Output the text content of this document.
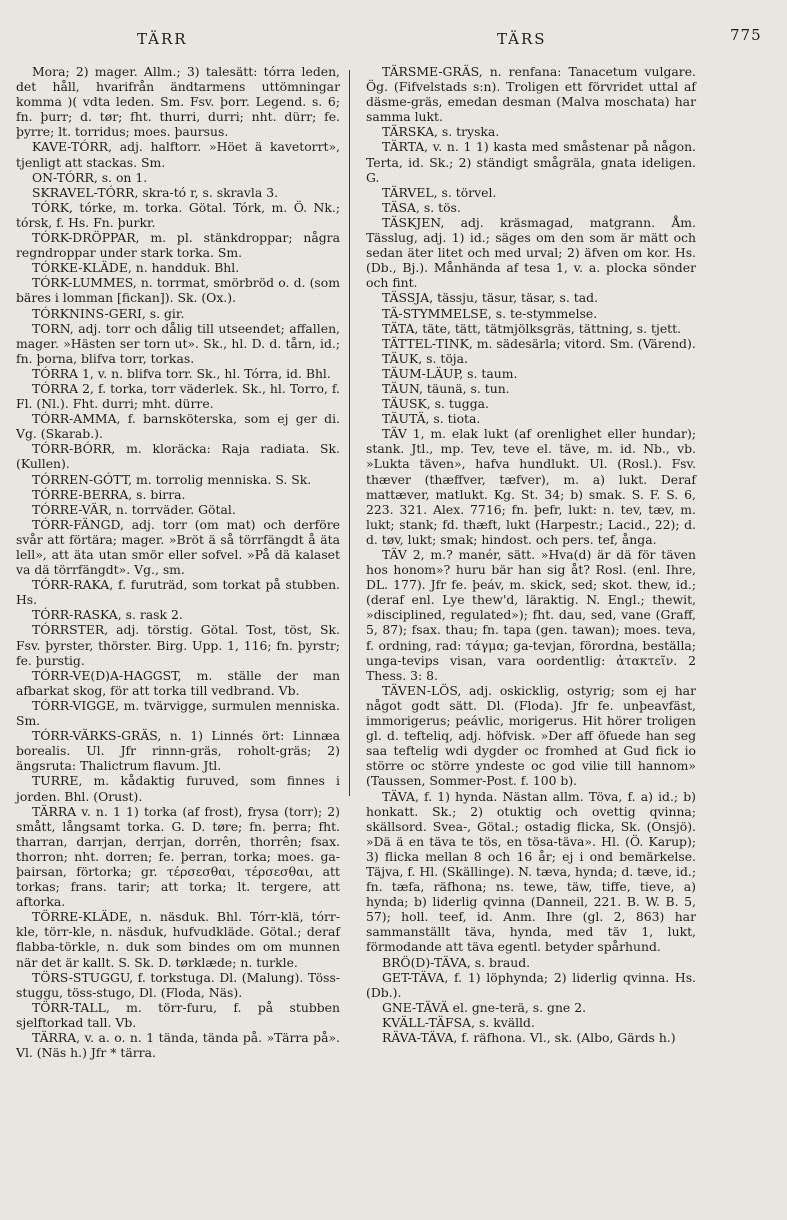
TÄRR	TÄRS	775

Mora; 2) mager. Allm.; 3) talesätt: tórra leden, det håll, hvarifrån ändtarmens uttömningar komma )( vdta leden. Sm. Fsv. þorr. Legend. s. 6; fn. þurr; d. tør; fht. thurri, durri; nht. dürr; fe. þyrre; lt. torridus; moes. þaursus.

KAVE-TÓRR, adj. halftorr. »Höet ä kavetorrt», tjenligt att stackas. Sm.

ON-TÓRR, s. on 1.

SKRAVEL-TÓRR, skra-tó r, s. skravla 3.

TÓRK, tórke, m. torka. Götal. Tórk, m. Ö. Nk.; tórsk, f. Hs. Fn. þurkr.

TÓRK-DRÖPPAR, m. pl. stänkdroppar; några regndroppar under stark torka. Sm.

TÓRKE-KLÄDE, n. handduk. Bhl.

TÓRK-LUMMES, n. torrmat, smörbröd o. d. (som bäres i lomman [fickan]). Sk. (Ox.).

TÓRKNINS-GERI, s. gir.

TORN, adj. torr och dålig till utseendet; affallen, mager. »Hästen ser torn ut». Sk., hl. D. d. tårn, id.; fn. þorna, blifva torr, torkas.

TÓRRA 1, v. n. blifva torr. Sk., hl. Tórra, id. Bhl.

TÓRRA 2, f. torka, torr väderlek. Sk., hl. Torro, f. Fl. (Nl.). Fht. durri; mht. dürre.

TÓRR-AMMA, f. barnsköterska, som ej ger di. Vg. (Skarab.).

TÓRR-BÓRR, m. kloräcka: Raja radiata. Sk. (Kullen).

TÓRREN-GÓTT, m. torrolig menniska. S. Sk.

TÓRRE-BERRA, s. birra.

TÓRRE-VÄR, n. torrväder. Götal.

TÓRR-FÄNGD, adj. torr (om mat) och derföre svår att förtära; mager. »Bröt ä så törrfängdt å äta lell», att äta utan smör eller sofvel. »På dä kalaset va dä törrfängdt». Vg., sm.

TÓRR-RAKA, f. furuträd, som torkat på stubben. Hs.

TÓRR-RASKA, s. rask 2.

TÓRRSTER, adj. törstig. Götal. Tost, töst, Sk. Fsv. þyrster, thörster. Birg. Upp. 1, 116; fn. þyrstr; fe. þurstig.

TÓRR-VE(D)A-HAGGST, m. ställe der man afbarkat skog, för att torka till vedbrand. Vb.

TÓRR-VIGGE, m. tvärvigge, surmulen menniska. Sm.

TÓRR-VÄRKS-GRÄS, n. 1) Linnés ört: Linnæa borealis. Ul. Jfr rinnn-gräs, roholt-gräs; 2) ängsruta: Thalictrum flavum. Jtl.

TURRE, m. kådaktig furuved, som finnes i jorden. Bhl. (Orust).

TÄRRA v. n. 1 1) torka (af frost), frysa (torr); 2) smått, långsamt torka. G. D. tøre; fn. þerra; fht. tharran, darrjan, derrjan, dorrên, thorrên; fsax. thorron; nht. dorren; fe. þerran, torka; moes. ga-þairsan, förtorka; gr. τέρσεσθαι, τέρσεσθαι, att torkas; frans. tarir; att torka; lt. tergere, att aftorka.

TÖRRE-KLÄDE, n. näsduk. Bhl. Tórr-klä, tórr-kle, törr-kle, n. näsduk, hufvudkläde. Götal.; deraf flabba-törkle, n. duk som bindes om om munnen när det är kallt. S. Sk. D. tørklæde; n. turkle.

TÖRS-STUGGU, f. torkstuga. Dl. (Malung). Töss-stuggu, töss-stugo, Dl. (Floda, Näs).

TÖRR-TALL, m. törr-furu, f. på stubben sjelftorkad tall. Vb.

TÄRRA, v. a. o. n. 1 tända, tända på. »Tärra på». Vl. (Näs h.) Jfr * tärra.

TÄRSME-GRÄS, n. renfana: Tanacetum vulgare. Ög. (Fifvelstads s:n). Troligen ett förvridet uttal af däsme-gräs, emedan desman (Malva moschata) har samma lukt.

TÄRSKA, s. tryska.

TÄRTA, v. n. 1 1) kasta med småstenar på någon. Terta, id. Sk.; 2) ständigt smågräla, gnata ideligen. G.

TÄRVEL, s. törvel.

TÄSA, s. tös.

TÄSKJEN, adj. kräsmagad, matgrann. Åm. Tässlug, adj. 1) id.; säges om den som är mätt och sedan äter litet och med urval; 2) äfven om kor. Hs. (Db., Bj.). Månhända af tesa 1, v. a. plocka sönder och fint.

TÄSSJA, tässju, täsur, täsar, s. tad.

TÄ-STYMMELSE, s. te-stymmelse.

TÄTA, täte, tätt, tätmjölksgräs, tättning, s. tjett.

TÄTTEL-TINK, m. sädesärla; vitord. Sm. (Värend).

TÄUK, s. töja.

TÄUM-LÄUP, s. taum.

TÄUN, täunä, s. tun.

TÄUSK, s. tugga.

TÄUTÄ, s. tiota.

TÄV 1, m. elak lukt (af orenlighet eller hundar); stank. Jtl., mp. Tev, teve el. täve, m. id. Nb., vb. »Lukta täven», hafva hundlukt. Ul. (Rosl.). Fsv. thæver (thæffver, tæfver), m. a) lukt. Deraf mattæver, matlukt. Kg. St. 34; b) smak. S. F. S. 6, 223. 321. Alex. 7716; fn. þefr, lukt: n. tev, tæv, m. lukt; stank; fd. thæft, lukt (Harpestr.; Lacid., 22); d. d. tøv, lukt; smak; hindost. och pers. tef, ånga.

TÄV 2, m.? manér, sätt. »Hva(d) är dä för täven hos honom»? huru bär han sig åt? Rosl. (enl. Ihre, DL. 177). Jfr fe. þeáv, m. skick, sed; skot. thew, id.; (deraf enl. Lye thew'd, läraktig. N. Engl.; thewit, »disciplined, regulated»); fht. dau, sed, vane (Graff, 5, 87); fsax. thau; fn. tapa (gen. tawan); moes. teva, f. ordning, rad: τάγμα; ga-tevjan, förordna, beställa; unga-tevips visan, vara oordentlig: ἀτακτεῖν. 2 Thess. 3: 8.

TÄVEN-LÖS, adj. oskicklig, ostyrig; som ej har något godt sätt. Dl. (Floda). Jfr fe. unþeavfäst, immorigerus; peávlic, morigerus. Hit hörer troligen gl. d. tefteliq, adj. höfvisk. »Der aff öfuede han seg saa teftelig wdi dygder oc fromhed at Gud fick io större oc större yndeste oc god vilie till hannom» (Taussen, Sommer-Post. f. 100 b).

TÄVA, f. 1) hynda. Nästan allm. Töva, f. a) id.; b) honkatt. Sk.; 2) otuktig och ovettig qvinna; skällsord. Svea-, Götal.; ostadig flicka, Sk. (Onsjö). »Dä ä en täva te tös, en tösa-täva». Hl. (Ö. Karup); 3) flicka mellan 8 och 16 år; ej i ond bemärkelse. Täjva, f. Hl. (Skällinge). N. tæva, hynda; d. tæve, id.; fn. tæfa, räfhona; ns. tewe, täw, tiffe, tieve, a) hynda; b) liderlig qvinna (Danneil, 221. B. W. B. 5, 57); holl. teef, id. Anm. Ihre (gl. 2, 863) har sammanställt täva, hynda, med täv 1, lukt, förmodande att täva egentl. betyder spårhund.

BRÖ(D)-TÄVA, s. braud.

GET-TÄVA, f. 1) löphynda; 2) liderlig qvinna. Hs. (Db.).

GNE-TÄVÄ el. gne-terä, s. gne 2.

KVÄLL-TÄFSA, s. kvälld.

RÄVA-TÄVA, f. räfhona. Vl., sk. (Albo, Gärds h.)
